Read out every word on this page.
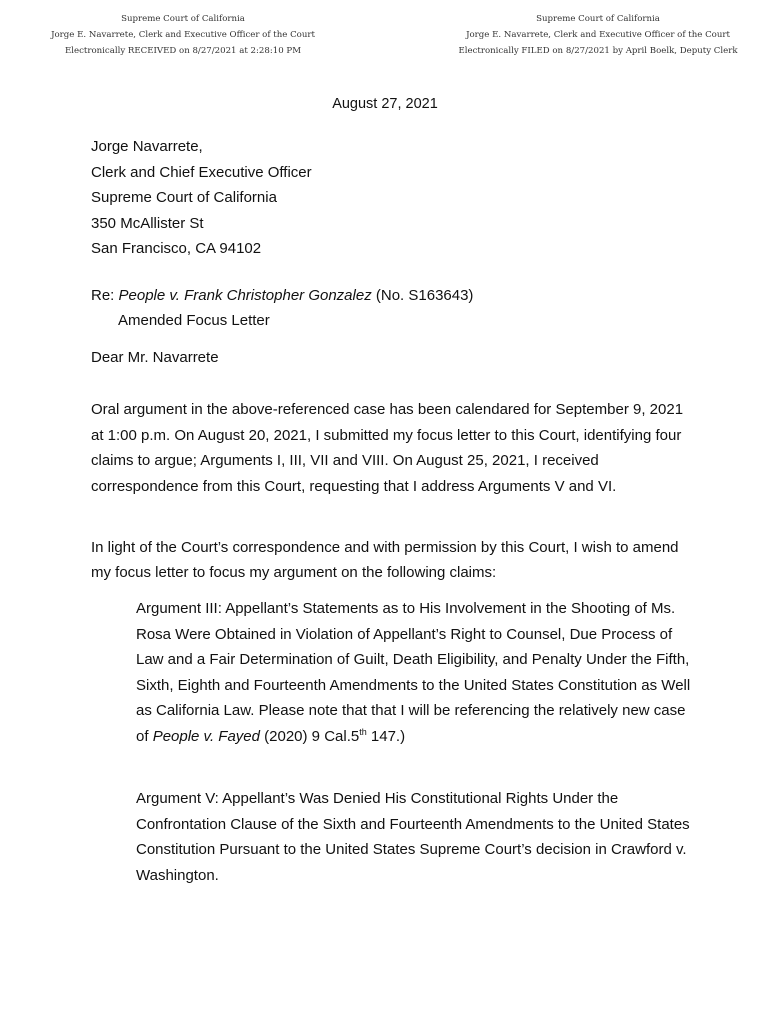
Supreme Court of California
Jorge E. Navarrete, Clerk and Executive Officer of the Court
Electronically RECEIVED on 8/27/2021 at 2:28:10 PM
Supreme Court of California
Jorge E. Navarrete, Clerk and Executive Officer of the Court
Electronically FILED on 8/27/2021 by April Boelk, Deputy Clerk
August 27, 2021
Jorge Navarrete,
Clerk and Chief Executive Officer
Supreme Court of California
350 McAllister St
San Francisco, CA 94102
Re: People v. Frank Christopher Gonzalez (No. S163643)
Amended Focus Letter
Dear Mr. Navarrete
Oral argument in the above-referenced case has been calendared for September 9, 2021 at 1:00 p.m. On August 20, 2021, I submitted my focus letter to this Court, identifying four claims to argue; Arguments I, III, VII and VIII. On August 25, 2021, I received correspondence from this Court, requesting that I address Arguments V and VI.
In light of the Court’s correspondence and with permission by this Court, I wish to amend my focus letter to focus my argument on the following claims:
Argument III: Appellant’s Statements as to His Involvement in the Shooting of Ms. Rosa Were Obtained in Violation of Appellant’s Right to Counsel, Due Process of Law and a Fair Determination of Guilt, Death Eligibility, and Penalty Under the Fifth, Sixth, Eighth and Fourteenth Amendments to the United States Constitution as Well as California Law. Please note that that I will be referencing the relatively new case of People v. Fayed (2020) 9 Cal.5th 147.)
Argument V: Appellant’s Was Denied His Constitutional Rights Under the Confrontation Clause of the Sixth and Fourteenth Amendments to the United States Constitution Pursuant to the United States Supreme Court’s decision in Crawford v. Washington.
